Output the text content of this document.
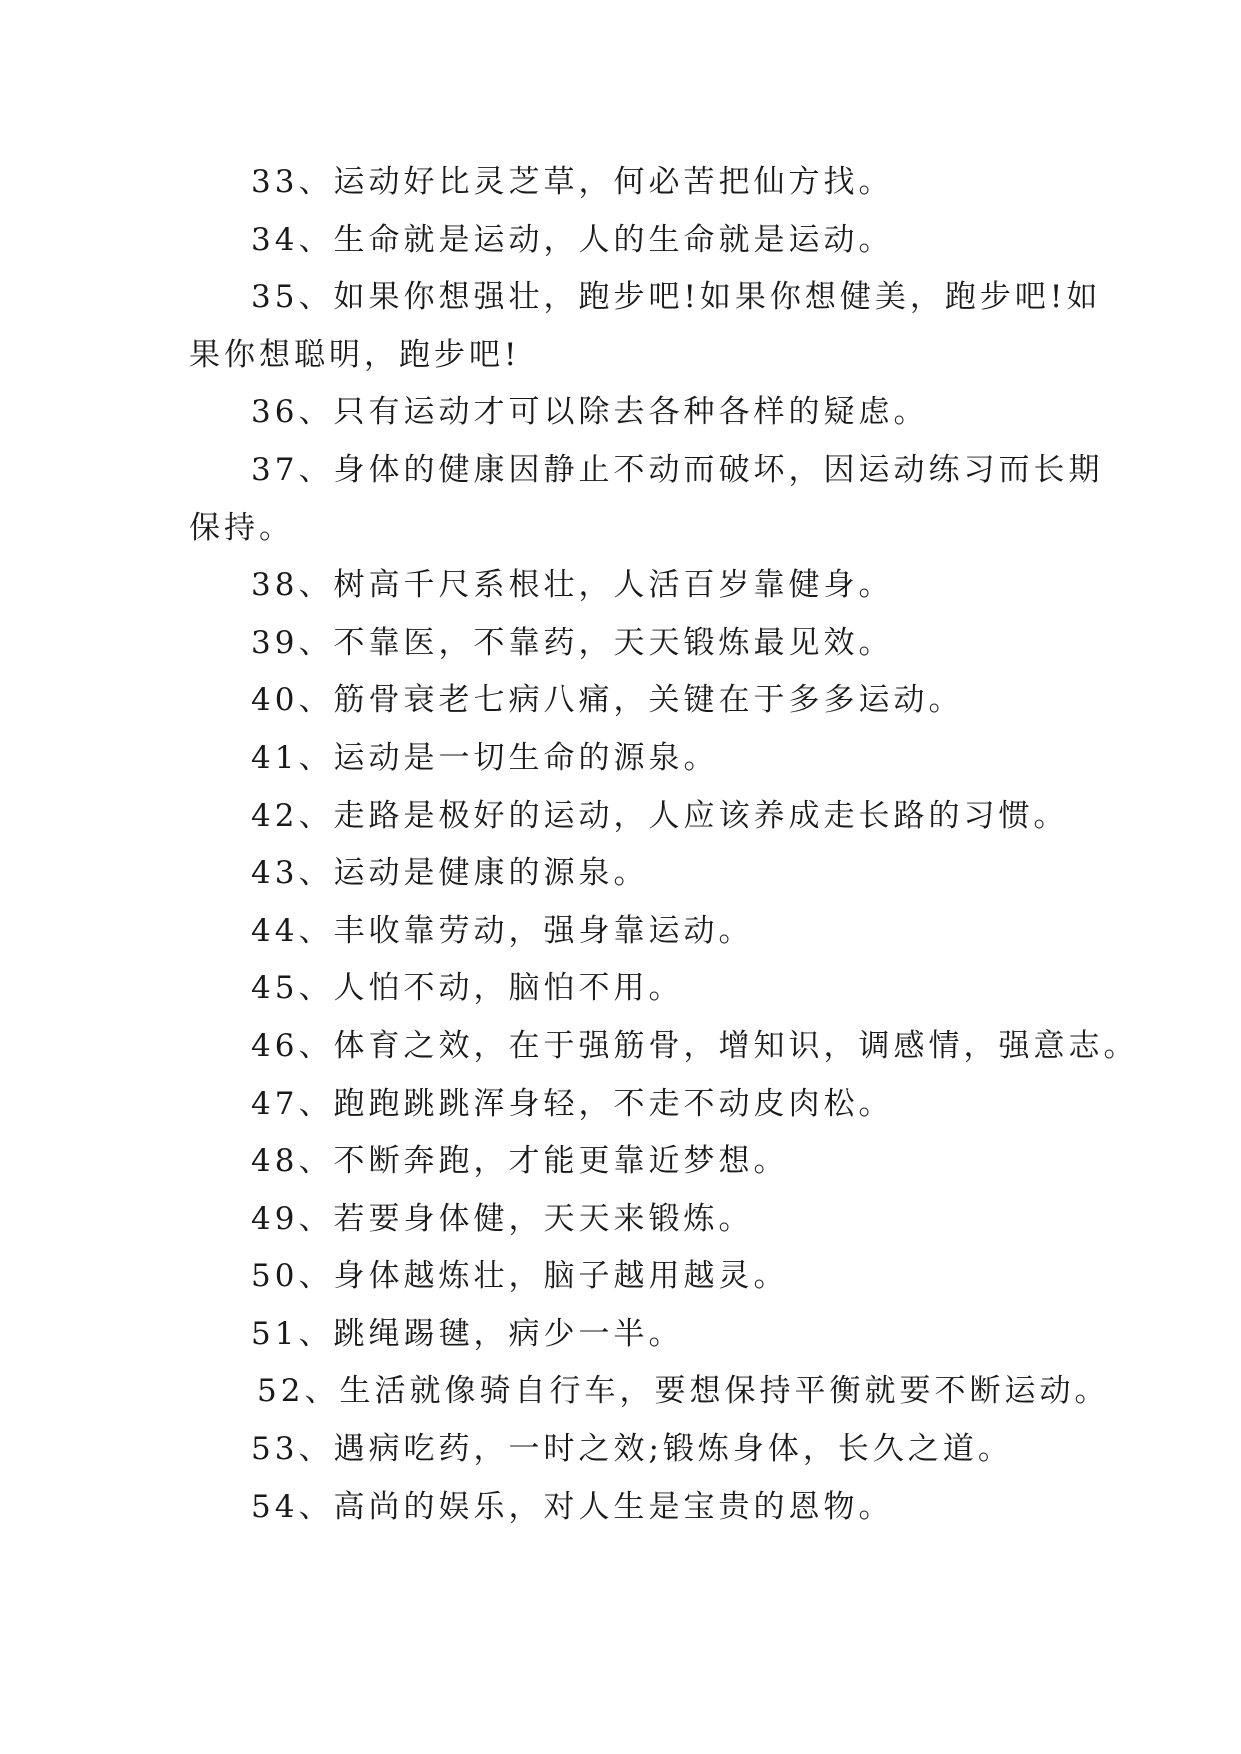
33、运动好比灵芝草，何必苦把仙方找。
34、生命就是运动，人的生命就是运动。
35、如果你想强壮，跑步吧!如果你想健美，跑步吧!如
果你想聪明，跑步吧!
36、只有运动才可以除去各种各样的疑虑。
37、身体的健康因静止不动而破坏，因运动练习而长期
保持。
38、树高千尺系根壮，人活百岁靠健身。
39、不靠医，不靠药，天天锻炼最见效。
40、筋骨衰老七病八痛，关键在于多多运动。
41、运动是一切生命的源泉。
42、走路是极好的运动，人应该养成走长路的习惯。
43、运动是健康的源泉。
44、丰收靠劳动，强身靠运动。
45、人怕不动，脑怕不用。
46、体育之效，在于强筋骨，增知识，调感情，强意志。
47、跑跑跳跳浑身轻，不走不动皮肉松。
48、不断奔跑，才能更靠近梦想。
49、若要身体健，天天来锻炼。
50、身体越炼壮，脑子越用越灵。
51、跳绳踢毽，病少一半。
52、生活就像骑自行车，要想保持平衡就要不断运动。
53、遇病吃药，一时之效;锻炼身体，长久之道。
54、高尚的娱乐，对人生是宝贵的恩物。
